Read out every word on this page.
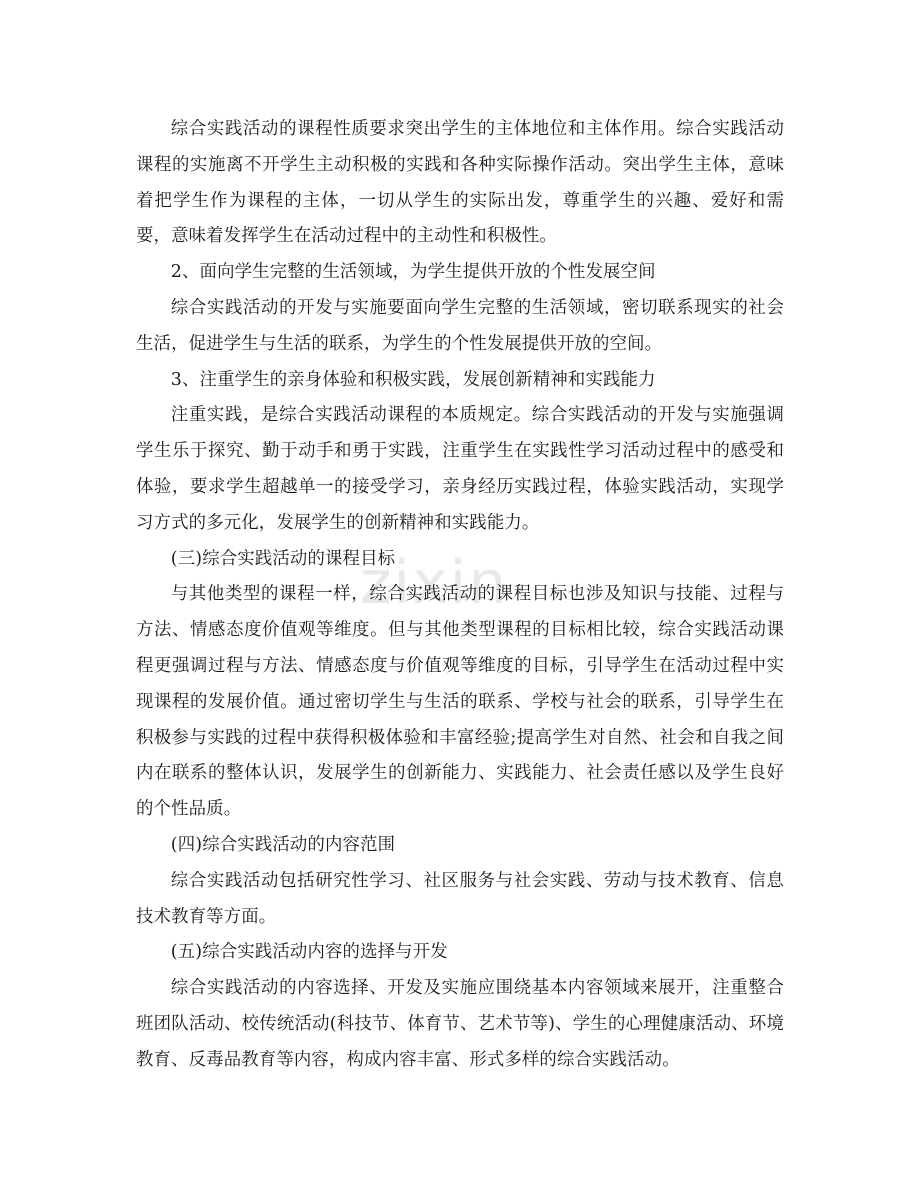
zixin

综合实践活动的课程性质要求突出学生的主体地位和主体作用。综合实践活动课程的实施离不开学生主动积极的实践和各种实际操作活动。突出学生主体，意味着把学生作为课程的主体，一切从学生的实际出发，尊重学生的兴趣、爱好和需要，意味着发挥学生在活动过程中的主动性和积极性。

2、面向学生完整的生活领域，为学生提供开放的个性发展空间

综合实践活动的开发与实施要面向学生完整的生活领域，密切联系现实的社会生活，促进学生与生活的联系，为学生的个性发展提供开放的空间。

3、注重学生的亲身体验和积极实践，发展创新精神和实践能力

注重实践，是综合实践活动课程的本质规定。综合实践活动的开发与实施强调学生乐于探究、勤于动手和勇于实践，注重学生在实践性学习活动过程中的感受和体验，要求学生超越单一的接受学习，亲身经历实践过程，体验实践活动，实现学习方式的多元化，发展学生的创新精神和实践能力。

(三)综合实践活动的课程目标

与其他类型的课程一样，综合实践活动的课程目标也涉及知识与技能、过程与方法、情感态度价值观等维度。但与其他类型课程的目标相比较，综合实践活动课程更强调过程与方法、情感态度与价值观等维度的目标，引导学生在活动过程中实现课程的发展价值。通过密切学生与生活的联系、学校与社会的联系，引导学生在积极参与实践的过程中获得积极体验和丰富经验;提高学生对自然、社会和自我之间内在联系的整体认识，发展学生的创新能力、实践能力、社会责任感以及学生良好的个性品质。

(四)综合实践活动的内容范围

综合实践活动包括研究性学习、社区服务与社会实践、劳动与技术教育、信息技术教育等方面。

(五)综合实践活动内容的选择与开发

综合实践活动的内容选择、开发及实施应围绕基本内容领域来展开，注重整合班团队活动、校传统活动(科技节、体育节、艺术节等)、学生的心理健康活动、环境教育、反毒品教育等内容，构成内容丰富、形式多样的综合实践活动。
